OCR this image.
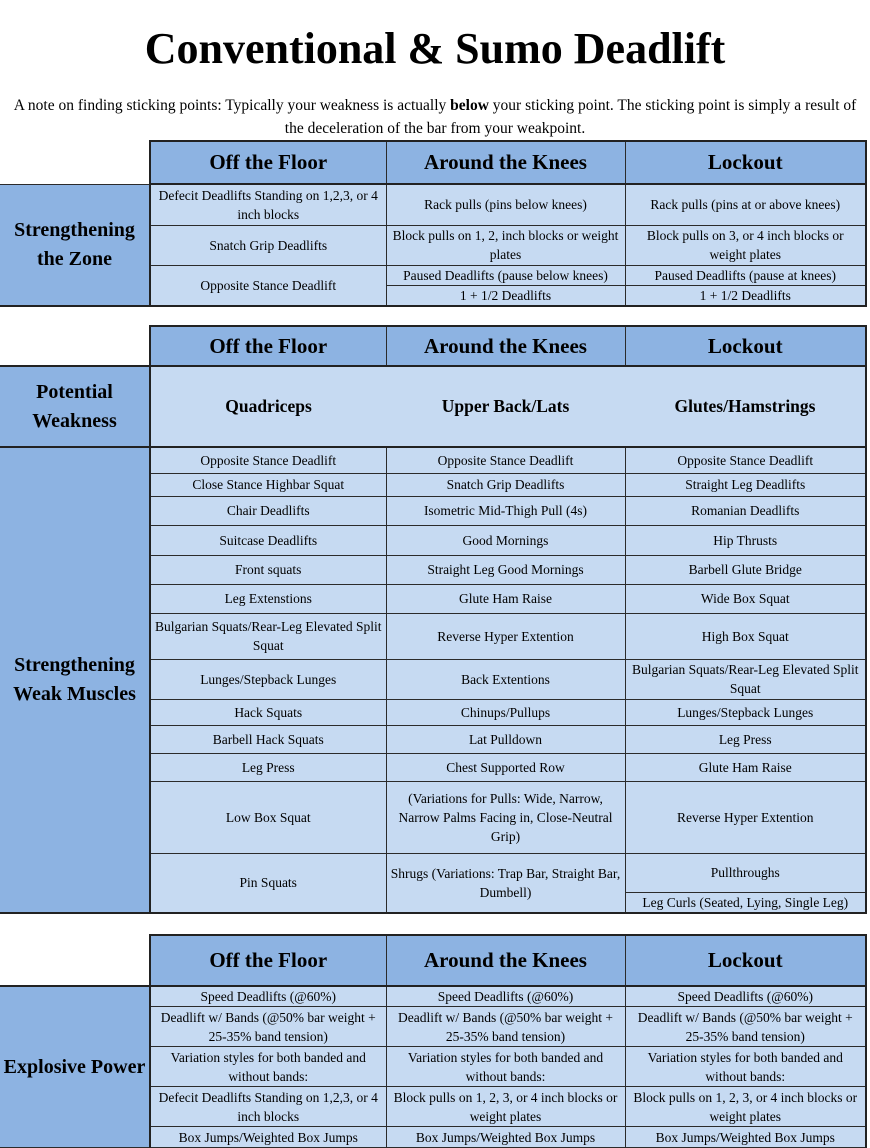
Conventional & Sumo Deadlift
A note on finding sticking points: Typically your weakness is actually below your sticking point. The sticking point is simply a result of the deceleration of the bar from your weakpoint.
	Off the Floor	Around the Knees	Lockout
Strengthening the Zone	Defecit Deadlifts Standing on 1,2,3, or 4 inch blocks	Rack pulls (pins below knees)	Rack pulls (pins at or above knees)
	Snatch Grip Deadlifts	Block pulls on 1, 2, inch blocks or weight plates	Block pulls on 3, or 4 inch blocks or weight plates
	Opposite Stance Deadlift	Paused Deadlifts (pause below knees)	Paused Deadlifts (pause at knees)
		1 + 1/2 Deadlifts	1 + 1/2 Deadlifts
	Off the Floor	Around the Knees	Lockout
Potential Weakness	Quadriceps	Upper Back/Lats	Glutes/Hamstrings
Strengthening Weak Muscles	Opposite Stance Deadlift	Opposite Stance Deadlift	Opposite Stance Deadlift
	Close Stance Highbar Squat	Snatch Grip Deadlifts	Straight Leg Deadlifts
	Chair Deadlifts	Isometric Mid-Thigh Pull (4s)	Romanian Deadlifts
	Suitcase Deadlifts	Good Mornings	Hip Thrusts
	Front squats	Straight Leg Good Mornings	Barbell Glute Bridge
	Leg Extenstions	Glute Ham Raise	Wide Box Squat
	Bulgarian Squats/Rear-Leg Elevated Split Squat	Reverse Hyper Extention	High Box Squat
	Lunges/Stepback Lunges	Back Extentions	Bulgarian Squats/Rear-Leg Elevated Split Squat
	Hack Squats	Chinups/Pullups	Lunges/Stepback Lunges
	Barbell Hack Squats	Lat Pulldown	Leg Press
	Leg Press	Chest Supported Row	Glute Ham Raise
	Low Box Squat	(Variations for Pulls: Wide, Narrow, Narrow Palms Facing in, Close-Neutral Grip)	Reverse Hyper Extention
	Pin Squats	Shrugs (Variations: Trap Bar, Straight Bar, Dumbell)	Pullthroughs
			Leg Curls (Seated, Lying, Single Leg)
	Off the Floor	Around the Knees	Lockout
Explosive Power	Speed Deadlifts (@60%)	Speed Deadlifts (@60%)	Speed Deadlifts (@60%)
	Deadlift w/ Bands (@50% bar weight + 25-35% band tension)	Deadlift w/ Bands (@50% bar weight + 25-35% band tension)	Deadlift w/ Bands (@50% bar weight + 25-35% band tension)
	Variation styles for both banded and without bands:	Variation styles for both banded and without bands:	Variation styles for both banded and without bands:
	Defecit Deadlifts Standing on 1,2,3, or 4 inch blocks	Block pulls on 1, 2, 3, or 4 inch blocks or weight plates	Block pulls on 1, 2, 3, or 4 inch blocks or weight plates
	Box Jumps/Weighted Box Jumps	Box Jumps/Weighted Box Jumps	Box Jumps/Weighted Box Jumps
